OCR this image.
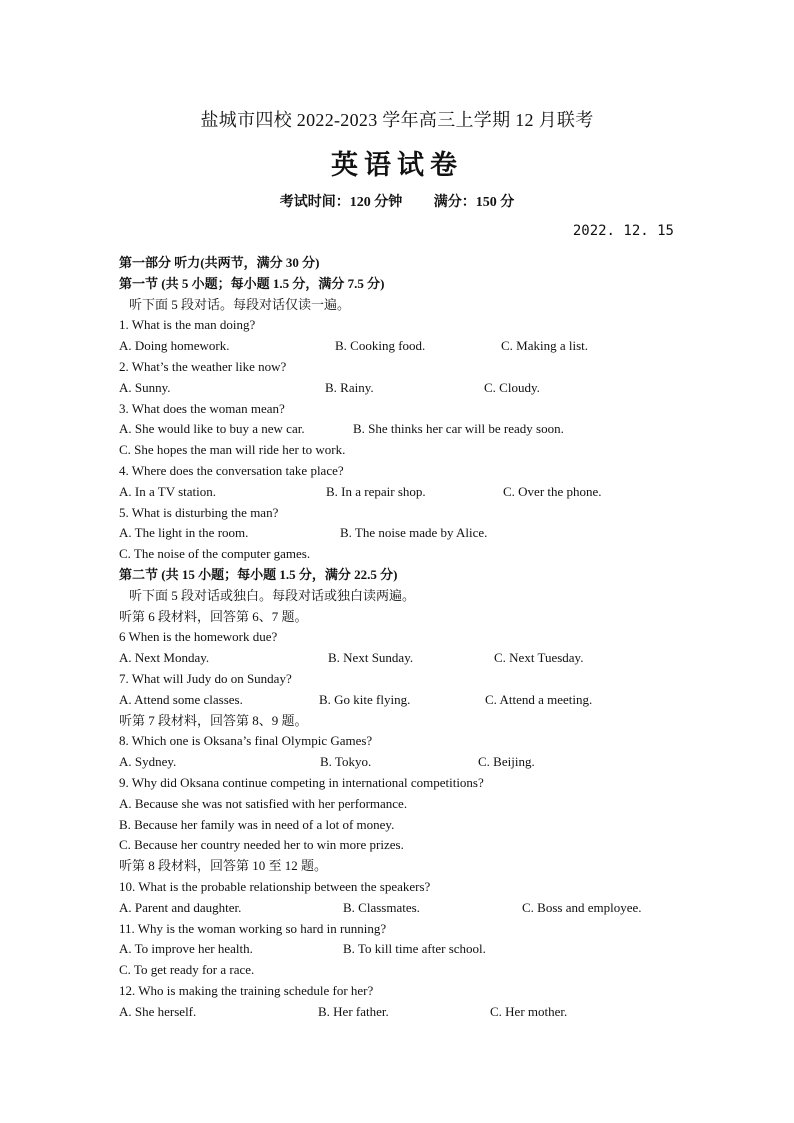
盐城市四校 2022-2023 学年高三上学期 12 月联考
英语试卷
考试时间：120 分钟 满分：150 分
2022. 12. 15
第一部分 听力(共两节，满分 30 分)
第一节 (共 5 小题；每小题 1.5 分，满分 7.5 分)
听下面 5 段对话。每段对话仅读一遍。
1. What is the man doing?
A. Doing homework.	B. Cooking food.	C. Making a list.
2. What’s the weather like now?
A. Sunny.	B. Rainy.	C. Cloudy.
3. What does the woman mean?
A. She would like to buy a new car.	B. She thinks her car will be ready soon.
C. She hopes the man will ride her to work.
4. Where does the conversation take place?
A. In a TV station.	B. In a repair shop.	C. Over the phone.
5. What is disturbing the man?
A. The light in the room.	B. The noise made by Alice.
C. The noise of the computer games.
第二节 (共 15 小题；每小题 1.5 分，满分 22.5 分)
听下面 5 段对话或独白。每段对话或独白读两遍。
听第 6 段材料，回答第 6、7 题。
6 When is the homework due?
A. Next Monday.	B. Next Sunday.	C. Next Tuesday.
7. What will Judy do on Sunday?
A. Attend some classes.	B. Go kite flying.	C. Attend a meeting.
听第 7 段材料，回答第 8、9 题。
8. Which one is Oksana’s final Olympic Games?
A. Sydney.	B. Tokyo.	C. Beijing.
9. Why did Oksana continue competing in international competitions?
A. Because she was not satisfied with her performance.
B. Because her family was in need of a lot of money.
C. Because her country needed her to win more prizes.
听第 8 段材料，回答第 10 至 12 题。
10. What is the probable relationship between the speakers?
A. Parent and daughter.	B. Classmates.	C. Boss and employee.
11. Why is the woman working so hard in running?
A. To improve her health.	B. To kill time after school.
C. To get ready for a race.
12. Who is making the training schedule for her?
A. She herself.	B. Her father.	C. Her mother.
